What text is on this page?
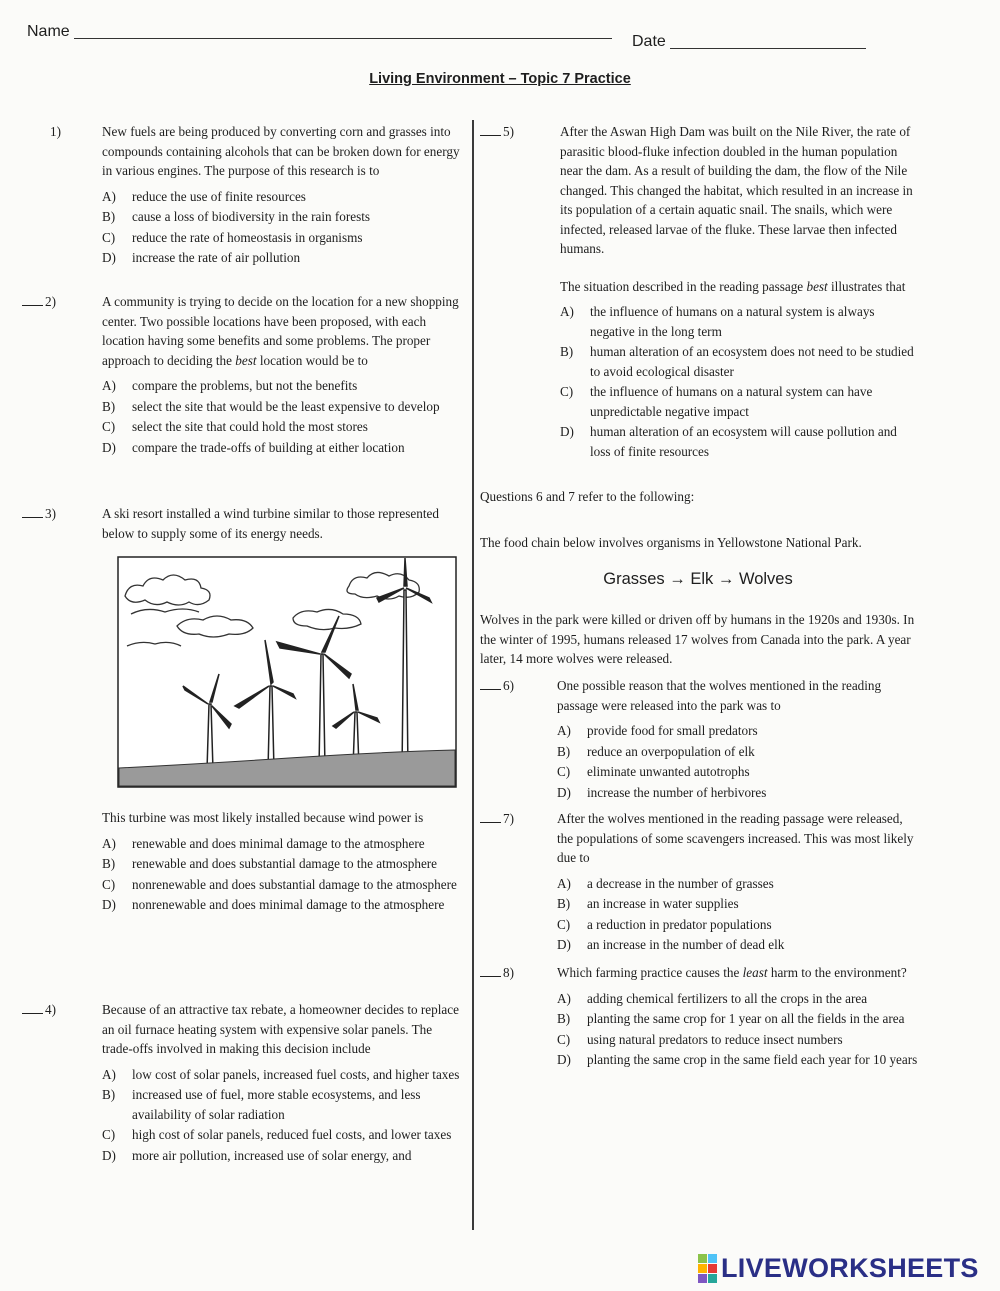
Name
Date
Living Environment – Topic 7 Practice
1)	New fuels are being produced by converting corn and grasses into compounds containing alcohols that can be broken down for energy in various engines. The purpose of this research is to

A) reduce the use of finite resources
B) cause a loss of biodiversity in the rain forests
C) reduce the rate of homeostasis in organisms
D) increase the rate of air pollution
2)	A community is trying to decide on the location for a new shopping center. Two possible locations have been proposed, with each location having some benefits and some problems. The proper approach to deciding the best location would be to

A) compare the problems, but not the benefits
B) select the site that would be the least expensive to develop
C) select the site that could hold the most stores
D) compare the trade-offs of building at either location
3)	A ski resort installed a wind turbine similar to those represented below to supply some of its energy needs.

This turbine was most likely installed because wind power is

A) renewable and does minimal damage to the atmosphere
B) renewable and does substantial damage to the atmosphere
C) nonrenewable and does substantial damage to the atmosphere
D) nonrenewable and does minimal damage to the atmosphere
4)	Because of an attractive tax rebate, a homeowner decides to replace an oil furnace heating system with expensive solar panels. The trade-offs involved in making this decision include

A) low cost of solar panels, increased fuel costs, and higher taxes
B) increased use of fuel, more stable ecosystems, and less availability of solar radiation
C) high cost of solar panels, reduced fuel costs, and lower taxes
D) more air pollution, increased use of solar energy, and
5)	After the Aswan High Dam was built on the Nile River, the rate of parasitic blood-fluke infection doubled in the human population near the dam. As a result of building the dam, the flow of the Nile changed. This changed the habitat, which resulted in an increase in its population of a certain aquatic snail. The snails, which were infected, released larvae of the fluke. These larvae then infected humans.

The situation described in the reading passage best illustrates that

A) the influence of humans on a natural system is always negative in the long term
B) human alteration of an ecosystem does not need to be studied to avoid ecological disaster
C) the influence of humans on a natural system can have unpredictable negative impact
D) human alteration of an ecosystem will cause pollution and loss of finite resources
Questions 6 and 7 refer to the following:
The food chain below involves organisms in Yellowstone National Park.
Grasses → Elk → Wolves
Wolves in the park were killed or driven off by humans in the 1920s and 1930s. In the winter of 1995, humans released 17 wolves from Canada into the park. A year later, 14 more wolves were released.
6)	One possible reason that the wolves mentioned in the reading passage were released into the park was to

A) provide food for small predators
B) reduce an overpopulation of elk
C) eliminate unwanted autotrophs
D) increase the number of herbivores
7)	After the wolves mentioned in the reading passage were released, the populations of some scavengers increased. This was most likely due to

A) a decrease in the number of grasses
B) an increase in water supplies
C) a reduction in predator populations
D) an increase in the number of dead elk
8)	Which farming practice causes the least harm to the environment?

A) adding chemical fertilizers to all the crops in the area
B) planting the same crop for 1 year on all the fields in the area
C) using natural predators to reduce insect numbers
D) planting the same crop in the same field each year for 10 years
LIVEWORKSHEETS
